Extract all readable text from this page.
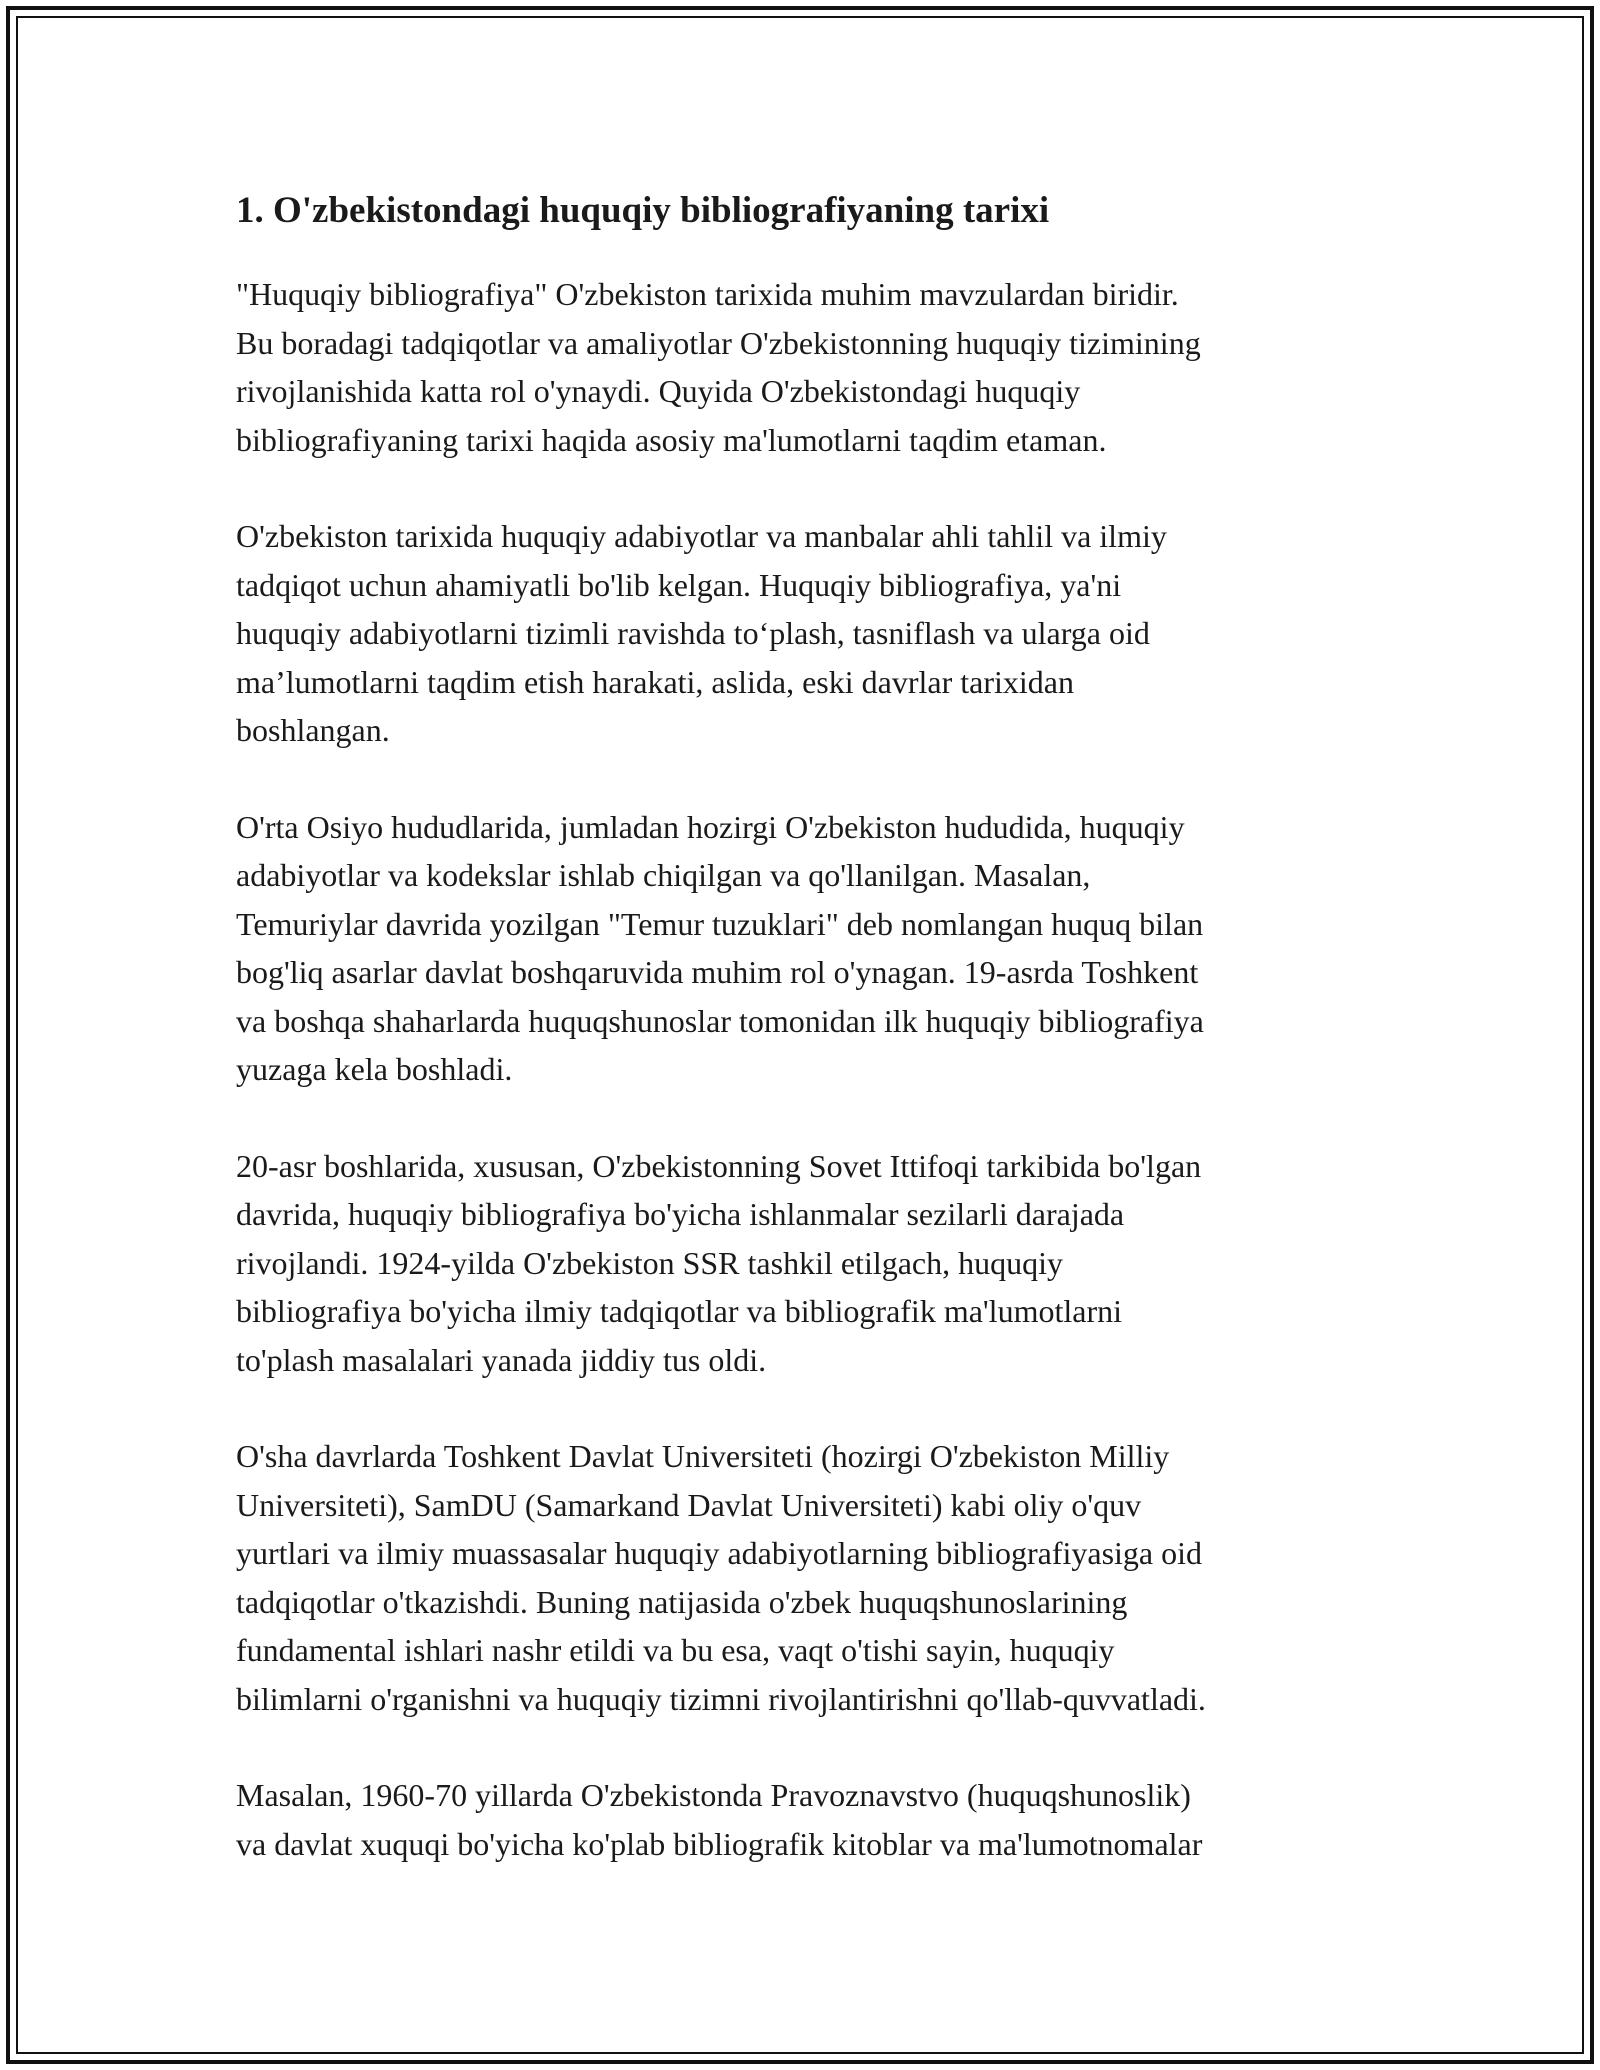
1. O'zbekistondagi huquqiy bibliografiyaning tarixi

"Huquqiy bibliografiya" O'zbekiston tarixida muhim mavzulardan biridir.
Bu boradagi tadqiqotlar va amaliyotlar O'zbekistonning huquqiy tizimining
rivojlanishida katta rol o'ynaydi. Quyida O'zbekistondagi huquqiy
bibliografiyaning tarixi haqida asosiy ma'lumotlarni taqdim etaman.

O'zbekiston tarixida huquqiy adabiyotlar va manbalar ahli tahlil va ilmiy
tadqiqot uchun ahamiyatli bo'lib kelgan. Huquqiy bibliografiya, ya'ni
huquqiy adabiyotlarni tizimli ravishda to‘plash, tasniflash va ularga oid
ma’lumotlarni taqdim etish harakati, aslida, eski davrlar tarixidan
boshlangan.

O'rta Osiyo hududlarida, jumladan hozirgi O'zbekiston hududida, huquqiy
adabiyotlar va kodekslar ishlab chiqilgan va qo'llanilgan. Masalan,
Temuriylar davrida yozilgan "Temur tuzuklari" deb nomlangan huquq bilan
bog'liq asarlar davlat boshqaruvida muhim rol o'ynagan. 19-asrda Toshkent
va boshqa shaharlarda huquqshunoslar tomonidan ilk huquqiy bibliografiya
yuzaga kela boshladi.

20-asr boshlarida, xususan, O'zbekistonning Sovet Ittifoqi tarkibida bo'lgan
davrida, huquqiy bibliografiya bo'yicha ishlanmalar sezilarli darajada
rivojlandi. 1924-yilda O'zbekiston SSR tashkil etilgach, huquqiy
bibliografiya bo'yicha ilmiy tadqiqotlar va bibliografik ma'lumotlarni
to'plash masalalari yanada jiddiy tus oldi.

O'sha davrlarda Toshkent Davlat Universiteti (hozirgi O'zbekiston Milliy
Universiteti), SamDU (Samarkand Davlat Universiteti) kabi oliy o'quv
yurtlari va ilmiy muassasalar huquqiy adabiyotlarning bibliografiyasiga oid
tadqiqotlar o'tkazishdi. Buning natijasida o'zbek huquqshunoslarining
fundamental ishlari nashr etildi va bu esa, vaqt o'tishi sayin, huquqiy
bilimlarni o'rganishni va huquqiy tizimni rivojlantirishni qo'llab-quvvatladi.

Masalan, 1960-70 yillarda O'zbekistonda Pravoznavstvo (huquqshunoslik)
va davlat xuquqi bo'yicha ko'plab bibliografik kitoblar va ma'lumotnomalar
